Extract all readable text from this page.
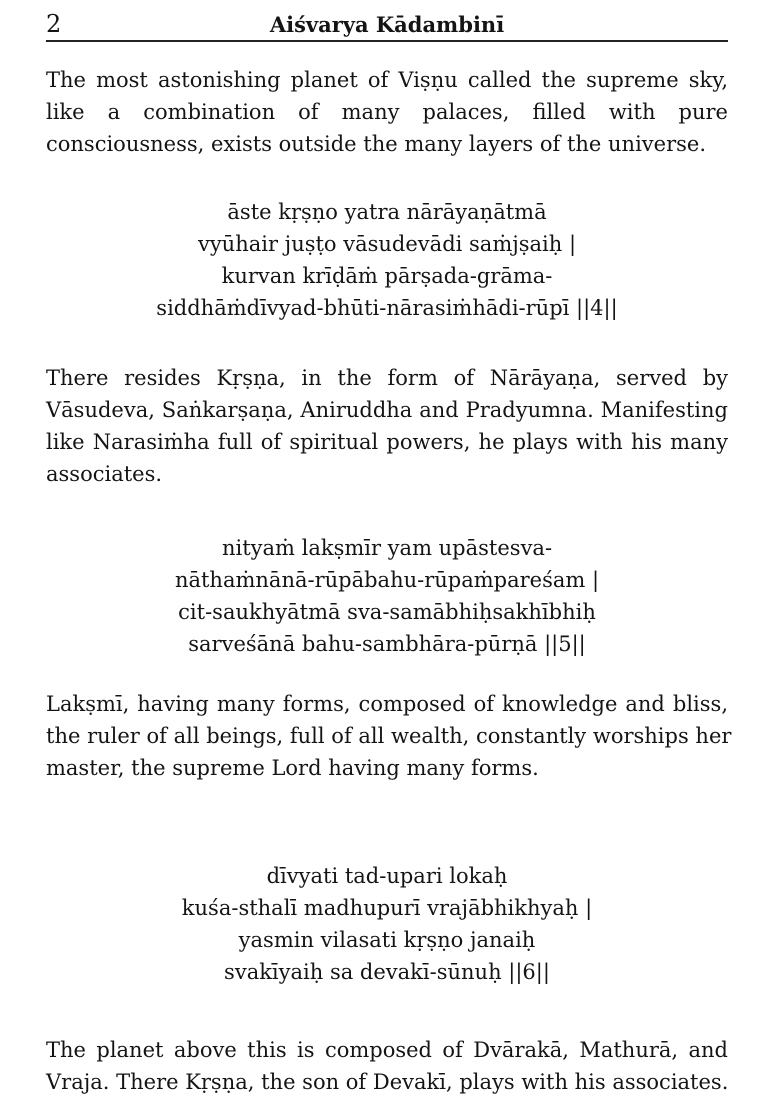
2	Aiśvarya Kādambinī
The most astonishing planet of Viṣṇu called the supreme sky,
like a combination of many palaces, filled with pure
consciousness, exists outside the many layers of the universe.
āste kṛṣṇo yatra nārāyaṇātmā
vyūhair juṣṭo vāsudevādi saṁjṣaiḥ |
kurvan krīḍāṁ pārṣada-grāma-
siddhāṁdīvyad-bhūti-nārasiṁhādi-rūpī ||4||
There resides Kṛṣṇa, in the form of Nārāyaṇa, served by
Vāsudeva, Saṅkarṣaṇa, Aniruddha and Pradyumna. Manifesting
like Narasiṁha full of spiritual powers, he plays with his many
associates.
nityaṁ lakṣmīr yam upāstesva-
nāthaṁnānā-rūpābahu-rūpaṁpareśam |
cit-saukhyātmā sva-samābhiḥsakhībhiḥ
sarveśānā bahu-sambhāra-pūrṇā ||5||
Lakṣmī, having many forms, composed of knowledge and bliss,
the ruler of all beings, full of all wealth, constantly worships her
master, the supreme Lord having many forms.
dīvyati tad-upari lokaḥ
kuśa-sthalī madhupurī vrajābhikhyaḥ |
yasmin vilasati kṛṣṇo janaiḥ
svakīyaiḥ sa devakī-sūnuḥ ||6||
The planet above this is composed of Dvārakā, Mathurā, and
Vraja. There Kṛṣṇa, the son of Devakī, plays with his associates.
